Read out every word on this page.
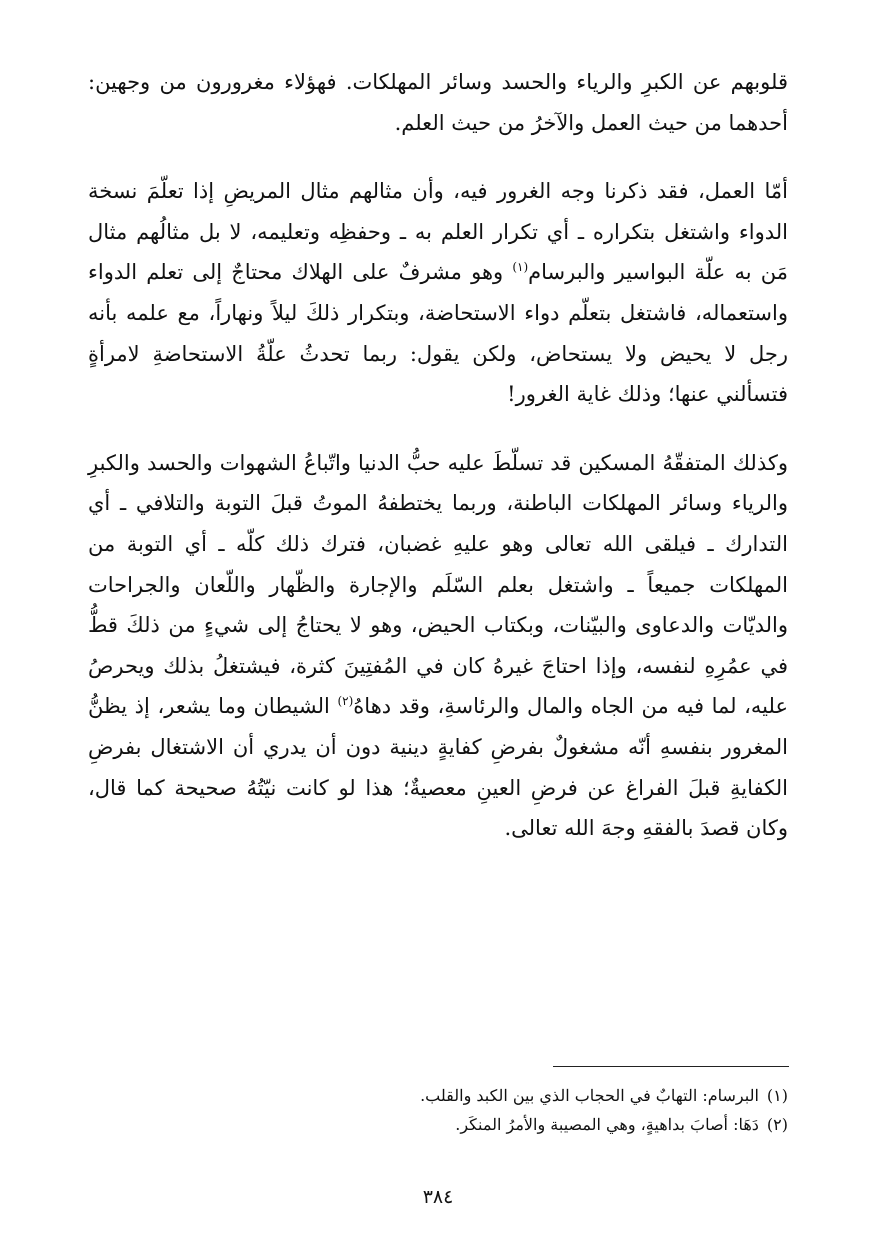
قلوبهم عن الكبرِ والرياء والحسد وسائر المهلكات. فهؤلاء مغرورون من وجهين: أحدهما من حيث العمل والآخرُ من حيث العلم.

أمّا العمل، فقد ذكرنا وجه الغرور فيه، وأن مثالهم مثال المريضِ إذا تعلّمَ نسخة الدواء واشتغل بتكراره ـ أي تكرار العلم به ـ وحفظِه وتعليمه، لا بل مثالُهم مثال مَن به علّة البواسير والبرسام$^{(١)}$ وهو مشرفٌ على الهلاك محتاجٌ إلى تعلم الدواء واستعماله، فاشتغل بتعلّم دواء الاستحاضة، وبتكرار ذلكَ ليلاً ونهاراً، مع علمه بأنه رجل لا يحيض ولا يستحاض، ولكن يقول: ربما تحدثُ علّةُ الاستحاضةِ لامرأةٍ فتسألني عنها؛ وذلك غاية الغرور!

وكذلك المتفقّهُ المسكين قد تسلّطَ عليه حبُّ الدنيا واتّباعُ الشهوات والحسد والكبرِ والرياء وسائر المهلكات الباطنة، وربما يختطفهُ الموتُ قبلَ التوبة والتلافي ـ أي التدارك ـ فيلقى الله تعالى وهو عليهِ غضبان، فترك ذلك كلّه ـ أي التوبة من المهلكات جميعاً ـ واشتغل بعلم السّلَم والإجارة والظّهار واللّعان والجراحات والديّات والدعاوى والبيّنات، وبكتاب الحيض، وهو لا يحتاجُ إلى شيءٍ من ذلكَ قطُّ في عمُرِهِ لنفسه، وإذا احتاجَ غيرهُ كان في المُفتِينَ كثرة، فيشتغلُ بذلك ويحرصُ عليه، لما فيه من الجاه والمال والرئاسةِ، وقد دهاهُ$^{(٢)}$ الشيطان وما يشعر، إذ يظنُّ المغرور بنفسهِ أنّه مشغولٌ بفرضِ كفايةٍ دينية دون أن يدري أن الاشتغال بفرضِ الكفايةِ قبلَ الفراغ عن فرضِ العينِ معصيةٌ؛ هذا لو كانت نيّتُهُ صحيحة كما قال، وكان قصدَ بالفقهِ وجهَ الله تعالى.

(١)البرسام: التهابٌ في الحجاب الذي بين الكبد والقلب.

(٢)دَهَا: أصابَ بداهيةٍ، وهي المصيبة والأمرُ المنكَر.

٣٨٤
